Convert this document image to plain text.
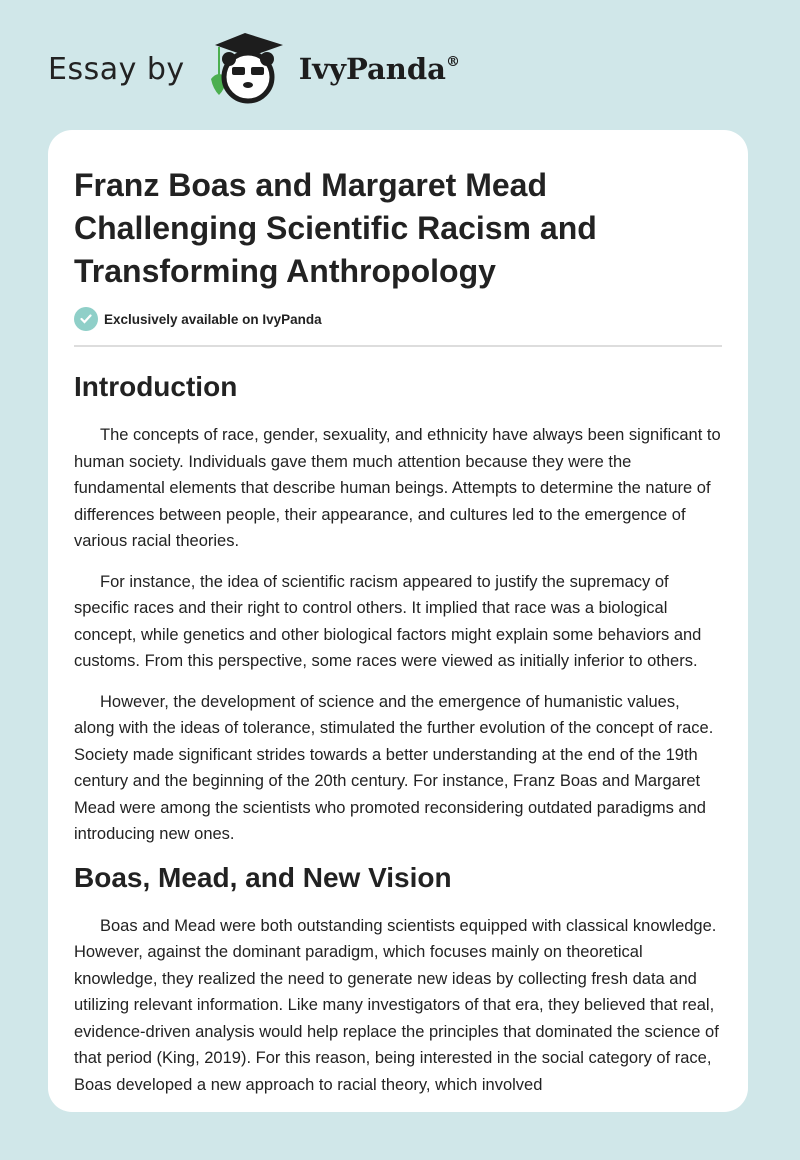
Essay by	IvyPanda®
Franz Boas and Margaret Mead Challenging Scientific Racism and Transforming Anthropology
Exclusively available on IvyPanda
Introduction

The concepts of race, gender, sexuality, and ethnicity have always been significant to human society. Individuals gave them much attention because they were the fundamental elements that describe human beings. Attempts to determine the nature of differences between people, their appearance, and cultures led to the emergence of various racial theories.

For instance, the idea of scientific racism appeared to justify the supremacy of specific races and their right to control others. It implied that race was a biological concept, while genetics and other biological factors might explain some behaviors and customs. From this perspective, some races were viewed as initially inferior to others.

However, the development of science and the emergence of humanistic values, along with the ideas of tolerance, stimulated the further evolution of the concept of race. Society made significant strides towards a better understanding at the end of the 19th century and the beginning of the 20th century. For instance, Franz Boas and Margaret Mead were among the scientists who promoted reconsidering outdated paradigms and introducing new ones.

Boas, Mead, and New Vision

Boas and Mead were both outstanding scientists equipped with classical knowledge. However, against the dominant paradigm, which focuses mainly on theoretical knowledge, they realized the need to generate new ideas by collecting fresh data and utilizing relevant information. Like many investigators of that era, they believed that real, evidence-driven analysis would help replace the principles that dominated the science of that period (King, 2019). For this reason, being interested in the social category of race, Boas developed a new approach to racial theory, which involved
